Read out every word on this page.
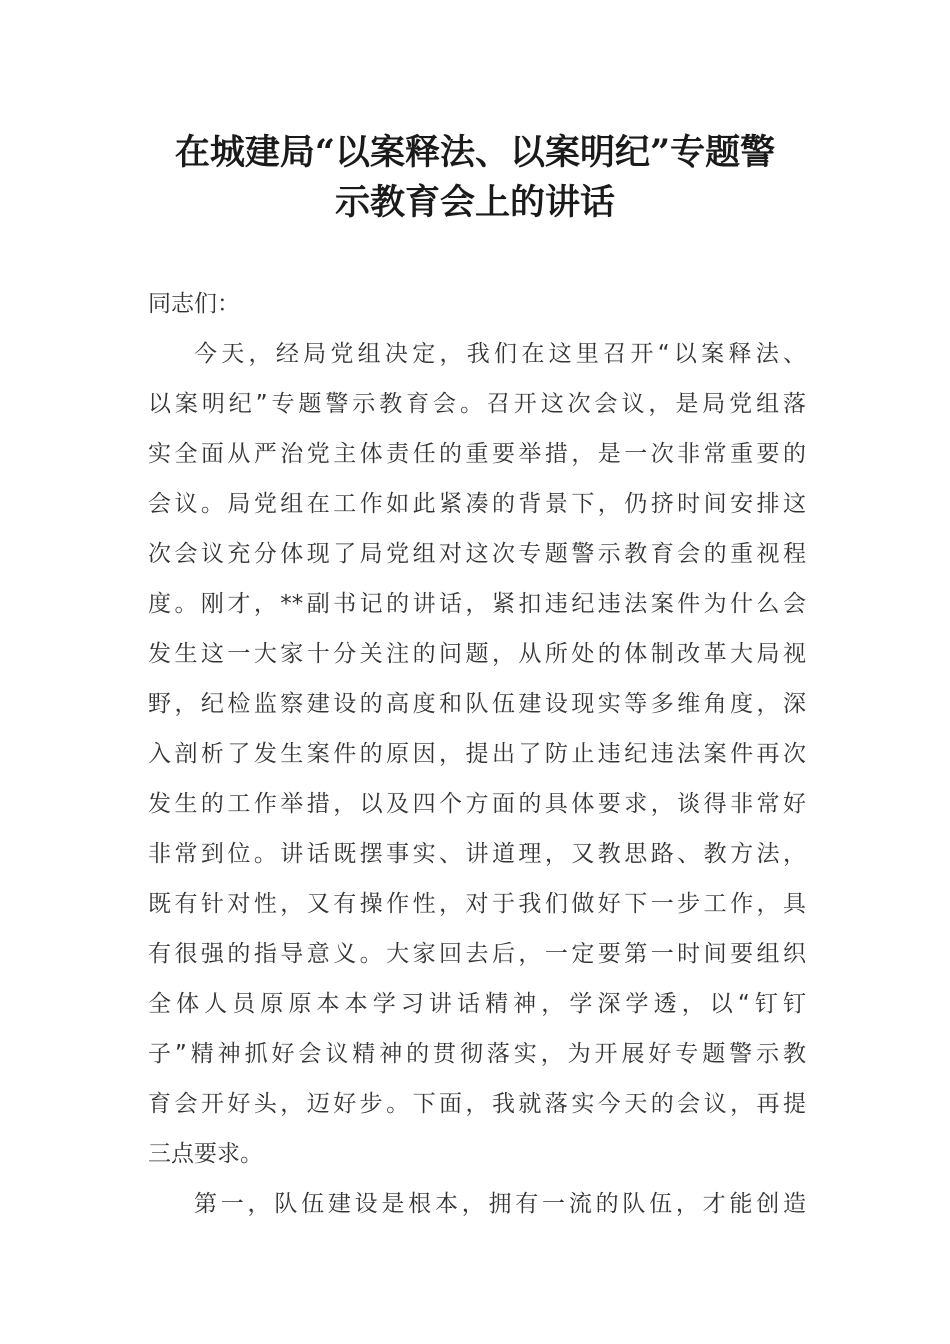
在城建局“以案释法、以案明纪”专题警
示教育会上的讲话
同志们：
今天，经局党组决定，我们在这里召开“以案释法、
以案明纪”专题警示教育会。召开这次会议，是局党组落
实全面从严治党主体责任的重要举措，是一次非常重要的
会议。局党组在工作如此紧凑的背景下，仍挤时间安排这
次会议充分体现了局党组对这次专题警示教育会的重视程
度。刚才，**副书记的讲话，紧扣违纪违法案件为什么会
发生这一大家十分关注的问题，从所处的体制改革大局视
野，纪检监察建设的高度和队伍建设现实等多维角度，深
入剖析了发生案件的原因，提出了防止违纪违法案件再次
发生的工作举措，以及四个方面的具体要求，谈得非常好
非常到位。讲话既摆事实、讲道理，又教思路、教方法，
既有针对性，又有操作性，对于我们做好下一步工作，具
有很强的指导意义。大家回去后，一定要第一时间要组织
全体人员原原本本学习讲话精神，学深学透，以“钉钉
子”精神抓好会议精神的贯彻落实，为开展好专题警示教
育会开好头，迈好步。下面，我就落实今天的会议，再提
三点要求。
第一，队伍建设是根本，拥有一流的队伍，才能创造
